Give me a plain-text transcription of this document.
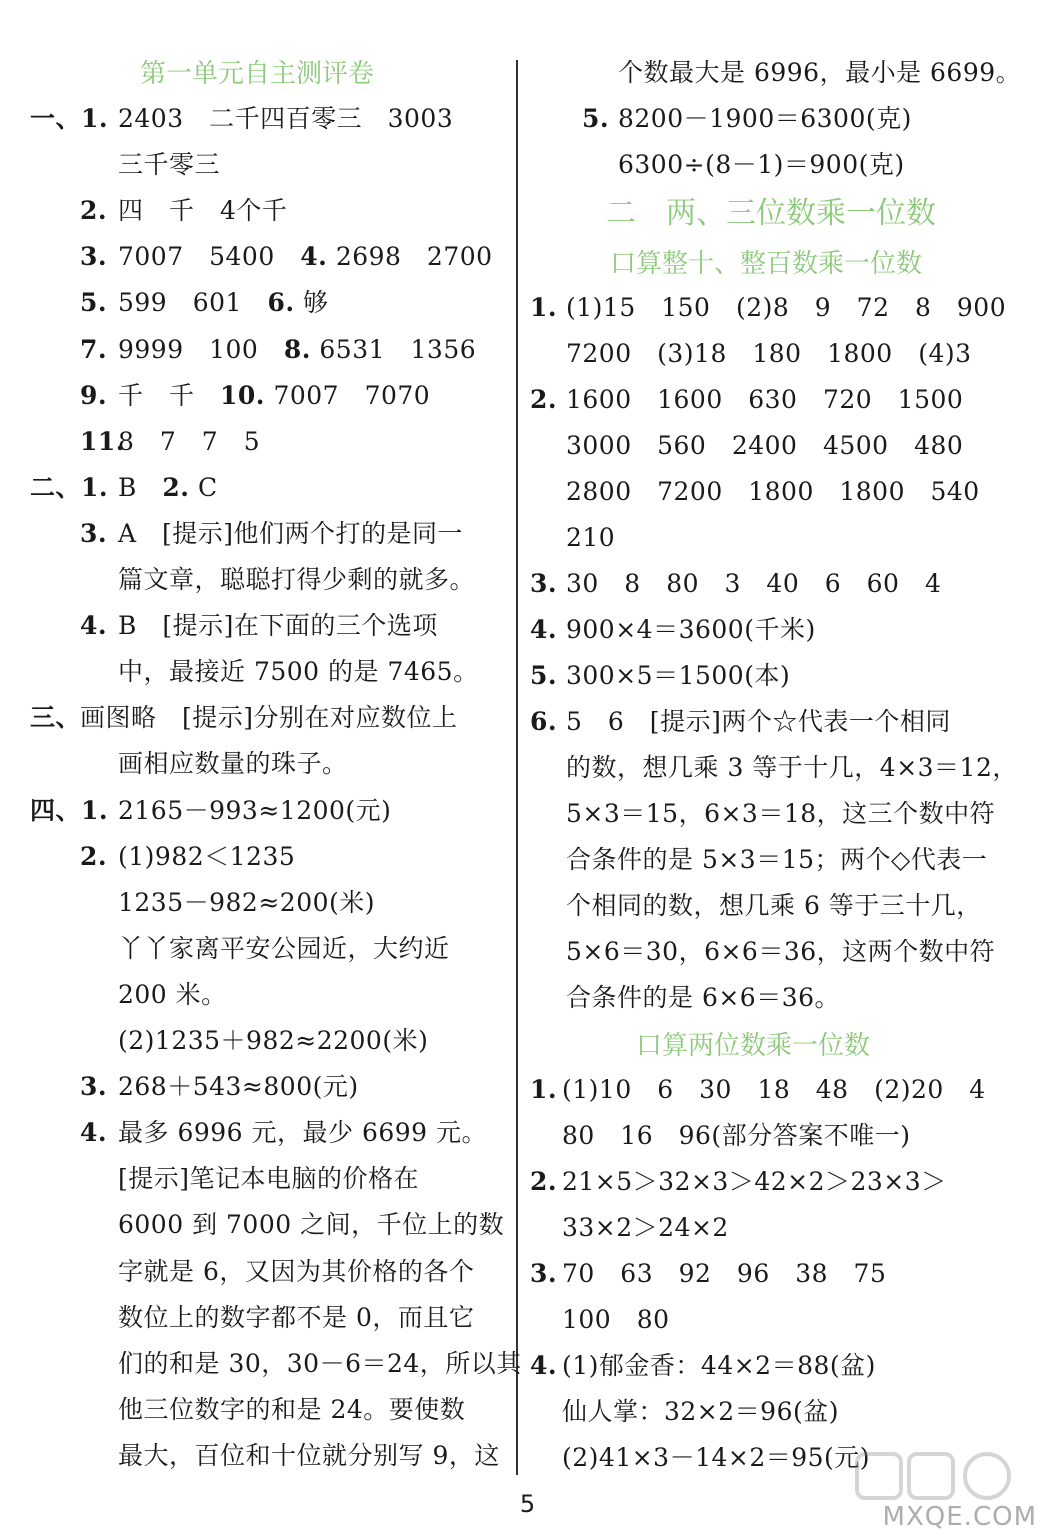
第一单元自主测评卷
一、1. 2403　二千四百零三　3003
三千零三
2. 四　千　4个千
3. 7007　5400　4. 2698　2700
5. 599　601　6. 够
7. 9999　100　8. 6531　1356
9. 千　千　10. 7007　7070
11.
8　7　7　5
二、1. B　2. C
3. A　[提示]他们两个打的是同一
篇文章，聪聪打得少剩的就多。
4. B　[提示]在下面的三个选项
中，最接近 7500 的是 7465。
三、
画图略　[提示]分别在对应数位上
画相应数量的珠子。
四、1. 2165－993≈1200(元)
2. (1)982＜1235
1235－982≈200(米)
丫丫家离平安公园近，大约近
200 米。
(2)1235＋982≈2200(米)
3. 268＋543≈800(元)
4. 最多 6996 元，最少 6699 元。
[提示]笔记本电脑的价格在
6000 到 7000 之间，千位上的数
字就是 6，又因为其价格的各个
数位上的数字都不是 0，而且它
们的和是 30，30－6＝24，所以其
他三位数字的和是 24。要使数
最大，百位和十位就分别写 9，这
个数最大是 6996，最小是 6699。
5. 8200－1900＝6300(克)
6300÷(8－1)＝900(克)
二　两、三位数乘一位数
口算整十、整百数乘一位数
1. (1)15　150　(2)8　9　72　8　900
7200　(3)18　180　1800　(4)3
2. 1600　1600　630　720　1500
3000　560　2400　4500　480
2800　7200　1800　1800　540
210
3. 30　8　80　3　40　6　60　4
4. 900×4＝3600(千米)
5. 300×5＝1500(本)
6. 5　6　[提示]两个☆代表一个相同
的数，想几乘 3 等于十几，4×3＝12，
5×3＝15，6×3＝18，这三个数中符
合条件的是 5×3＝15；两个◇代表一
个相同的数，想几乘 6 等于三十几，
5×6＝30，6×6＝36，这两个数中符
合条件的是 6×6＝36。
口算两位数乘一位数
1. (1)10　6　30　18　48　(2)20　4
80　16　96(部分答案不唯一)
2. 21×5＞32×3＞42×2＞23×3＞
33×2＞24×2
3. 70　63　92　96　38　75
100　80
4. (1)郁金香：44×2＝88(盆)
仙人掌：32×2＝96(盆)
(2)41×3－14×2＝95(元)
5	MXQE.COM
